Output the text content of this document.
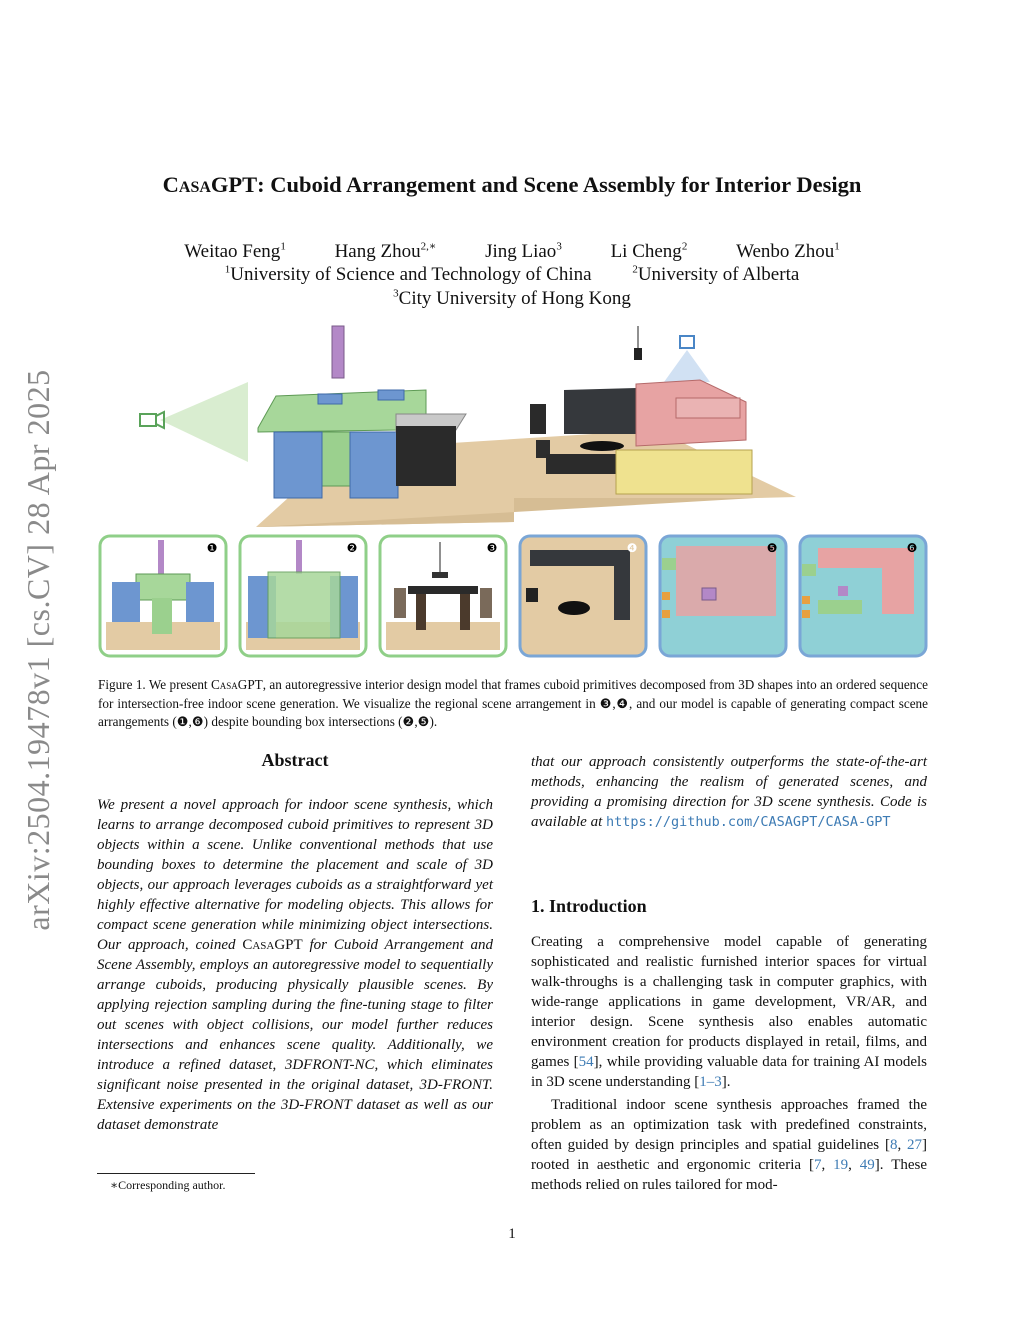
arXiv:2504.19478v1 [cs.CV] 28 Apr 2025
CasaGPT: Cuboid Arrangement and Scene Assembly for Interior Design
Weitao Feng$^1$	Hang Zhou$^{2,∗}$	Jing Liao$^3$	Li Cheng$^2$	Wenbo Zhou$^1$
$^1$University of Science and Technology of China	$^2$University of Alberta
$^3$City University of Hong Kong
❶	❷	❸	❹	❺	❻
Figure 1. We present CasaGPT, an autoregressive interior design model that frames cuboid primitives decomposed from 3D shapes into an ordered sequence for intersection-free indoor scene generation. We visualize the regional scene arrangement in ❸,❹, and our model is capable of generating compact scene arrangements (❶,❻) despite bounding box intersections (❷,❺).
Abstract
We present a novel approach for indoor scene synthesis, which learns to arrange decomposed cuboid primitives to represent 3D objects within a scene. Unlike conventional methods that use bounding boxes to determine the placement and scale of 3D objects, our approach leverages cuboids as a straightforward yet highly effective alternative for modeling objects. This allows for compact scene generation while minimizing object intersections. Our approach, coined CasaGPT for Cuboid Arrangement and Scene Assembly, employs an autoregressive model to sequentially arrange cuboids, producing physically plausible scenes. By applying rejection sampling during the fine-tuning stage to filter out scenes with object collisions, our model further reduces intersections and enhances scene quality. Additionally, we introduce a refined dataset, 3DFRONT-NC, which eliminates significant noise presented in the original dataset, 3D-FRONT. Extensive experiments on the 3D-FRONT dataset as well as our dataset demonstrate
that our approach consistently outperforms the state-of-the-art methods, enhancing the realism of generated scenes, and providing a promising direction for 3D scene synthesis. Code is available at https://github.com/CASAGPT/CASA-GPT
∗Corresponding author.
1. Introduction

Creating a comprehensive model capable of generating sophisticated and realistic furnished interior spaces for virtual walk-throughs is a challenging task in computer graphics, with wide-range applications in game development, VR/AR, and interior design. Scene synthesis also enables automatic environment creation for products displayed in retail, films, and games [54], while providing valuable data for training AI models in 3D scene understanding [1–3].

Traditional indoor scene synthesis approaches framed the problem as an optimization task with predefined constraints, often guided by design principles and spatial guidelines [8, 27] rooted in aesthetic and ergonomic criteria [7, 19, 49]. These methods relied on rules tailored for mod-

1
